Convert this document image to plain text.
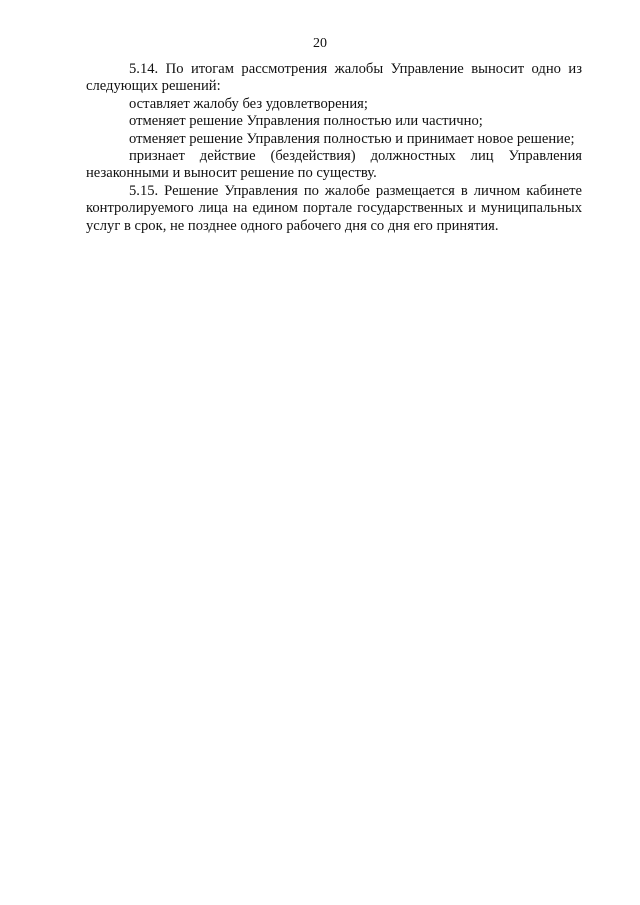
20

5.14. По итогам рассмотрения жалобы Управление выносит одно из следующих решений:

оставляет жалобу без удовлетворения;

отменяет решение Управления полностью или частично;

отменяет решение Управления полностью и принимает новое решение;

признает действие (бездействия) должностных лиц Управления незаконными и выносит решение по существу.

5.15. Решение Управления по жалобе размещается в личном кабинете контролируемого лица на едином портале государственных и муниципальных услуг в срок, не позднее одного рабочего дня со дня его принятия.
